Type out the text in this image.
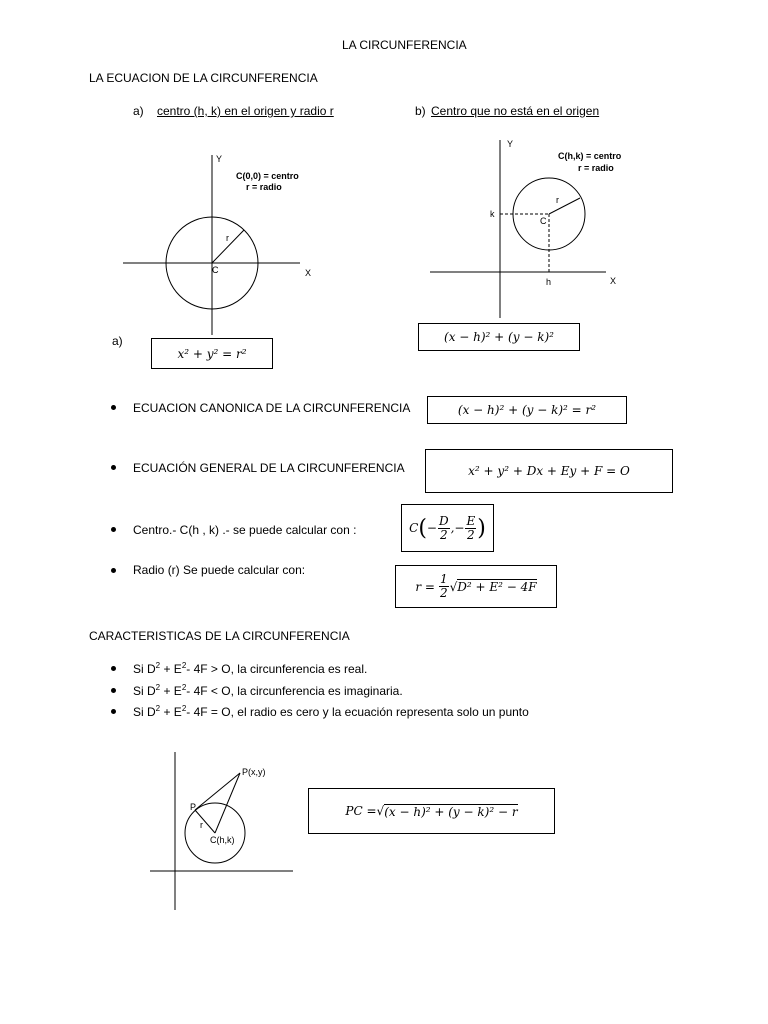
LA CIRCUNFERENCIA
LA ECUACION DE LA CIRCUNFERENCIA
a) centro (h, k) en el origen y radio r	b) Centro que no está en el origen
Y
X
C
r
C(0,0) = centro
r = radio
Y
X
C
r
k
h
C(h,k) = centro
r = radio
a)
x² + y² = r²
(x − h)² + (y − k)²
ECUACION CANONICA DE LA CIRCUNFERENCIA	(x − h)² + (y − k)² = r²
ECUACIÓN GENERAL DE LA CIRCUNFERENCIA	x² + y² + Dx + Ey + F = O
Centro.- C(h , k) .- se puede calcular con :	C ( − $\frac{D}{2}$ ,− $\frac{E}{2}$ )
Radio (r) Se puede calcular con:
$r = \frac{1}{2}$ √ D² + E² − 4F
CARACTERISTICAS DE LA CIRCUNFERENCIA
Si $D^2 + E^2-$ 4F > O, la circunferencia es real.
Si $D^2 + E^2-$ 4F < O, la circunferencia es imaginaria.
Si $D^2 + E^2-$ 4F = O, el radio es cero y la ecuación representa solo un punto
P(x,y)
P
r
C(h,k)
PC = √ (x − h)² + (y − k)² − r
